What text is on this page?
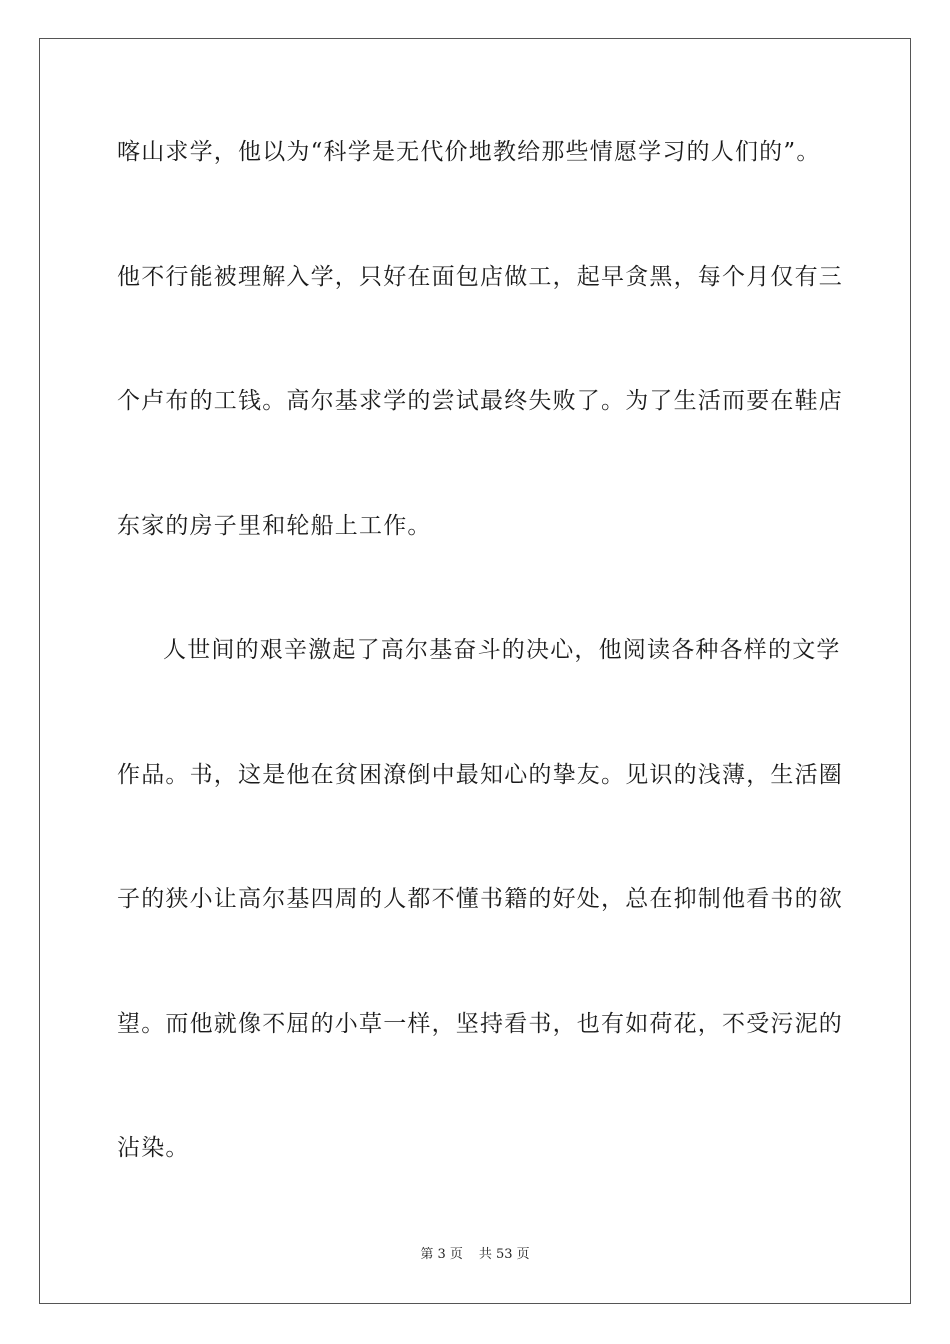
喀山求学，他以为“科学是无代价地教给那些情愿学习的人们的”。
他不行能被理解入学，只好在面包店做工，起早贪黑，每个月仅有三
个卢布的工钱。高尔基求学的尝试最终失败了。为了生活而要在鞋店
东家的房子里和轮船上工作。
人世间的艰辛激起了高尔基奋斗的决心，他阅读各种各样的文学
作品。书，这是他在贫困潦倒中最知心的挚友。见识的浅薄，生活圈
子的狭小让高尔基四周的人都不懂书籍的好处，总在抑制他看书的欲
望。而他就像不屈的小草一样，坚持看书，也有如荷花，不受污泥的
沾染。
第 3 页 共 53 页
